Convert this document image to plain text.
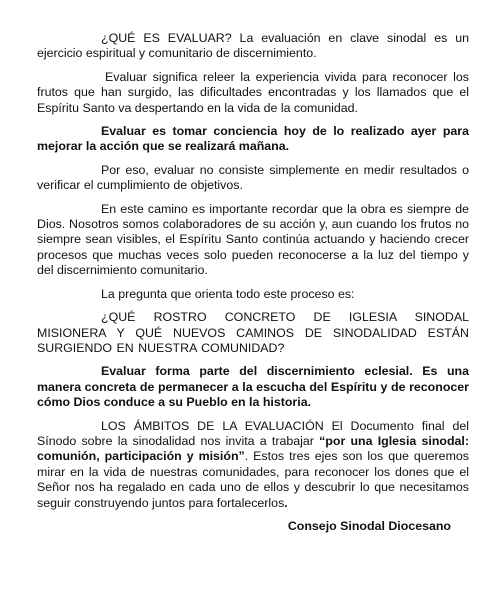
¿QUÉ ES EVALUAR? La evaluación en clave sinodal es un ejercicio espiritual y comunitario de discernimiento.

Evaluar significa releer la experiencia vivida para reconocer los frutos que han surgido, las dificultades encontradas y los llamados que el Espíritu Santo va despertando en la vida de la comunidad.

Evaluar es tomar conciencia hoy de lo realizado ayer para mejorar la acción que se realizará mañana.

Por eso, evaluar no consiste simplemente en medir resultados o verificar el cumplimiento de objetivos.

En este camino es importante recordar que la obra es siempre de Dios. Nosotros somos colaboradores de su acción y, aun cuando los frutos no siempre sean visibles, el Espíritu Santo continúa actuando y haciendo crecer procesos que muchas veces solo pueden reconocerse a la luz del tiempo y del discernimiento comunitario.

La pregunta que orienta todo este proceso es:

¿QUÉ ROSTRO CONCRETO DE IGLESIA SINODAL MISIONERA Y QUÉ NUEVOS CAMINOS DE SINODALIDAD ESTÁN SURGIENDO EN NUESTRA COMUNIDAD?

Evaluar forma parte del discernimiento eclesial. Es una manera concreta de permanecer a la escucha del Espíritu y de reconocer cómo Dios conduce a su Pueblo en la historia.

LOS ÁMBITOS DE LA EVALUACIÓN El Documento final del Sínodo sobre la sinodalidad nos invita a trabajar “por una Iglesia sinodal: comunión, participación y misión”. Estos tres ejes son los que queremos mirar en la vida de nuestras comunidades, para reconocer los dones que el Señor nos ha regalado en cada uno de ellos y descubrir lo que necesitamos seguir construyendo juntos para fortalecerlos.

Consejo Sinodal Diocesano
